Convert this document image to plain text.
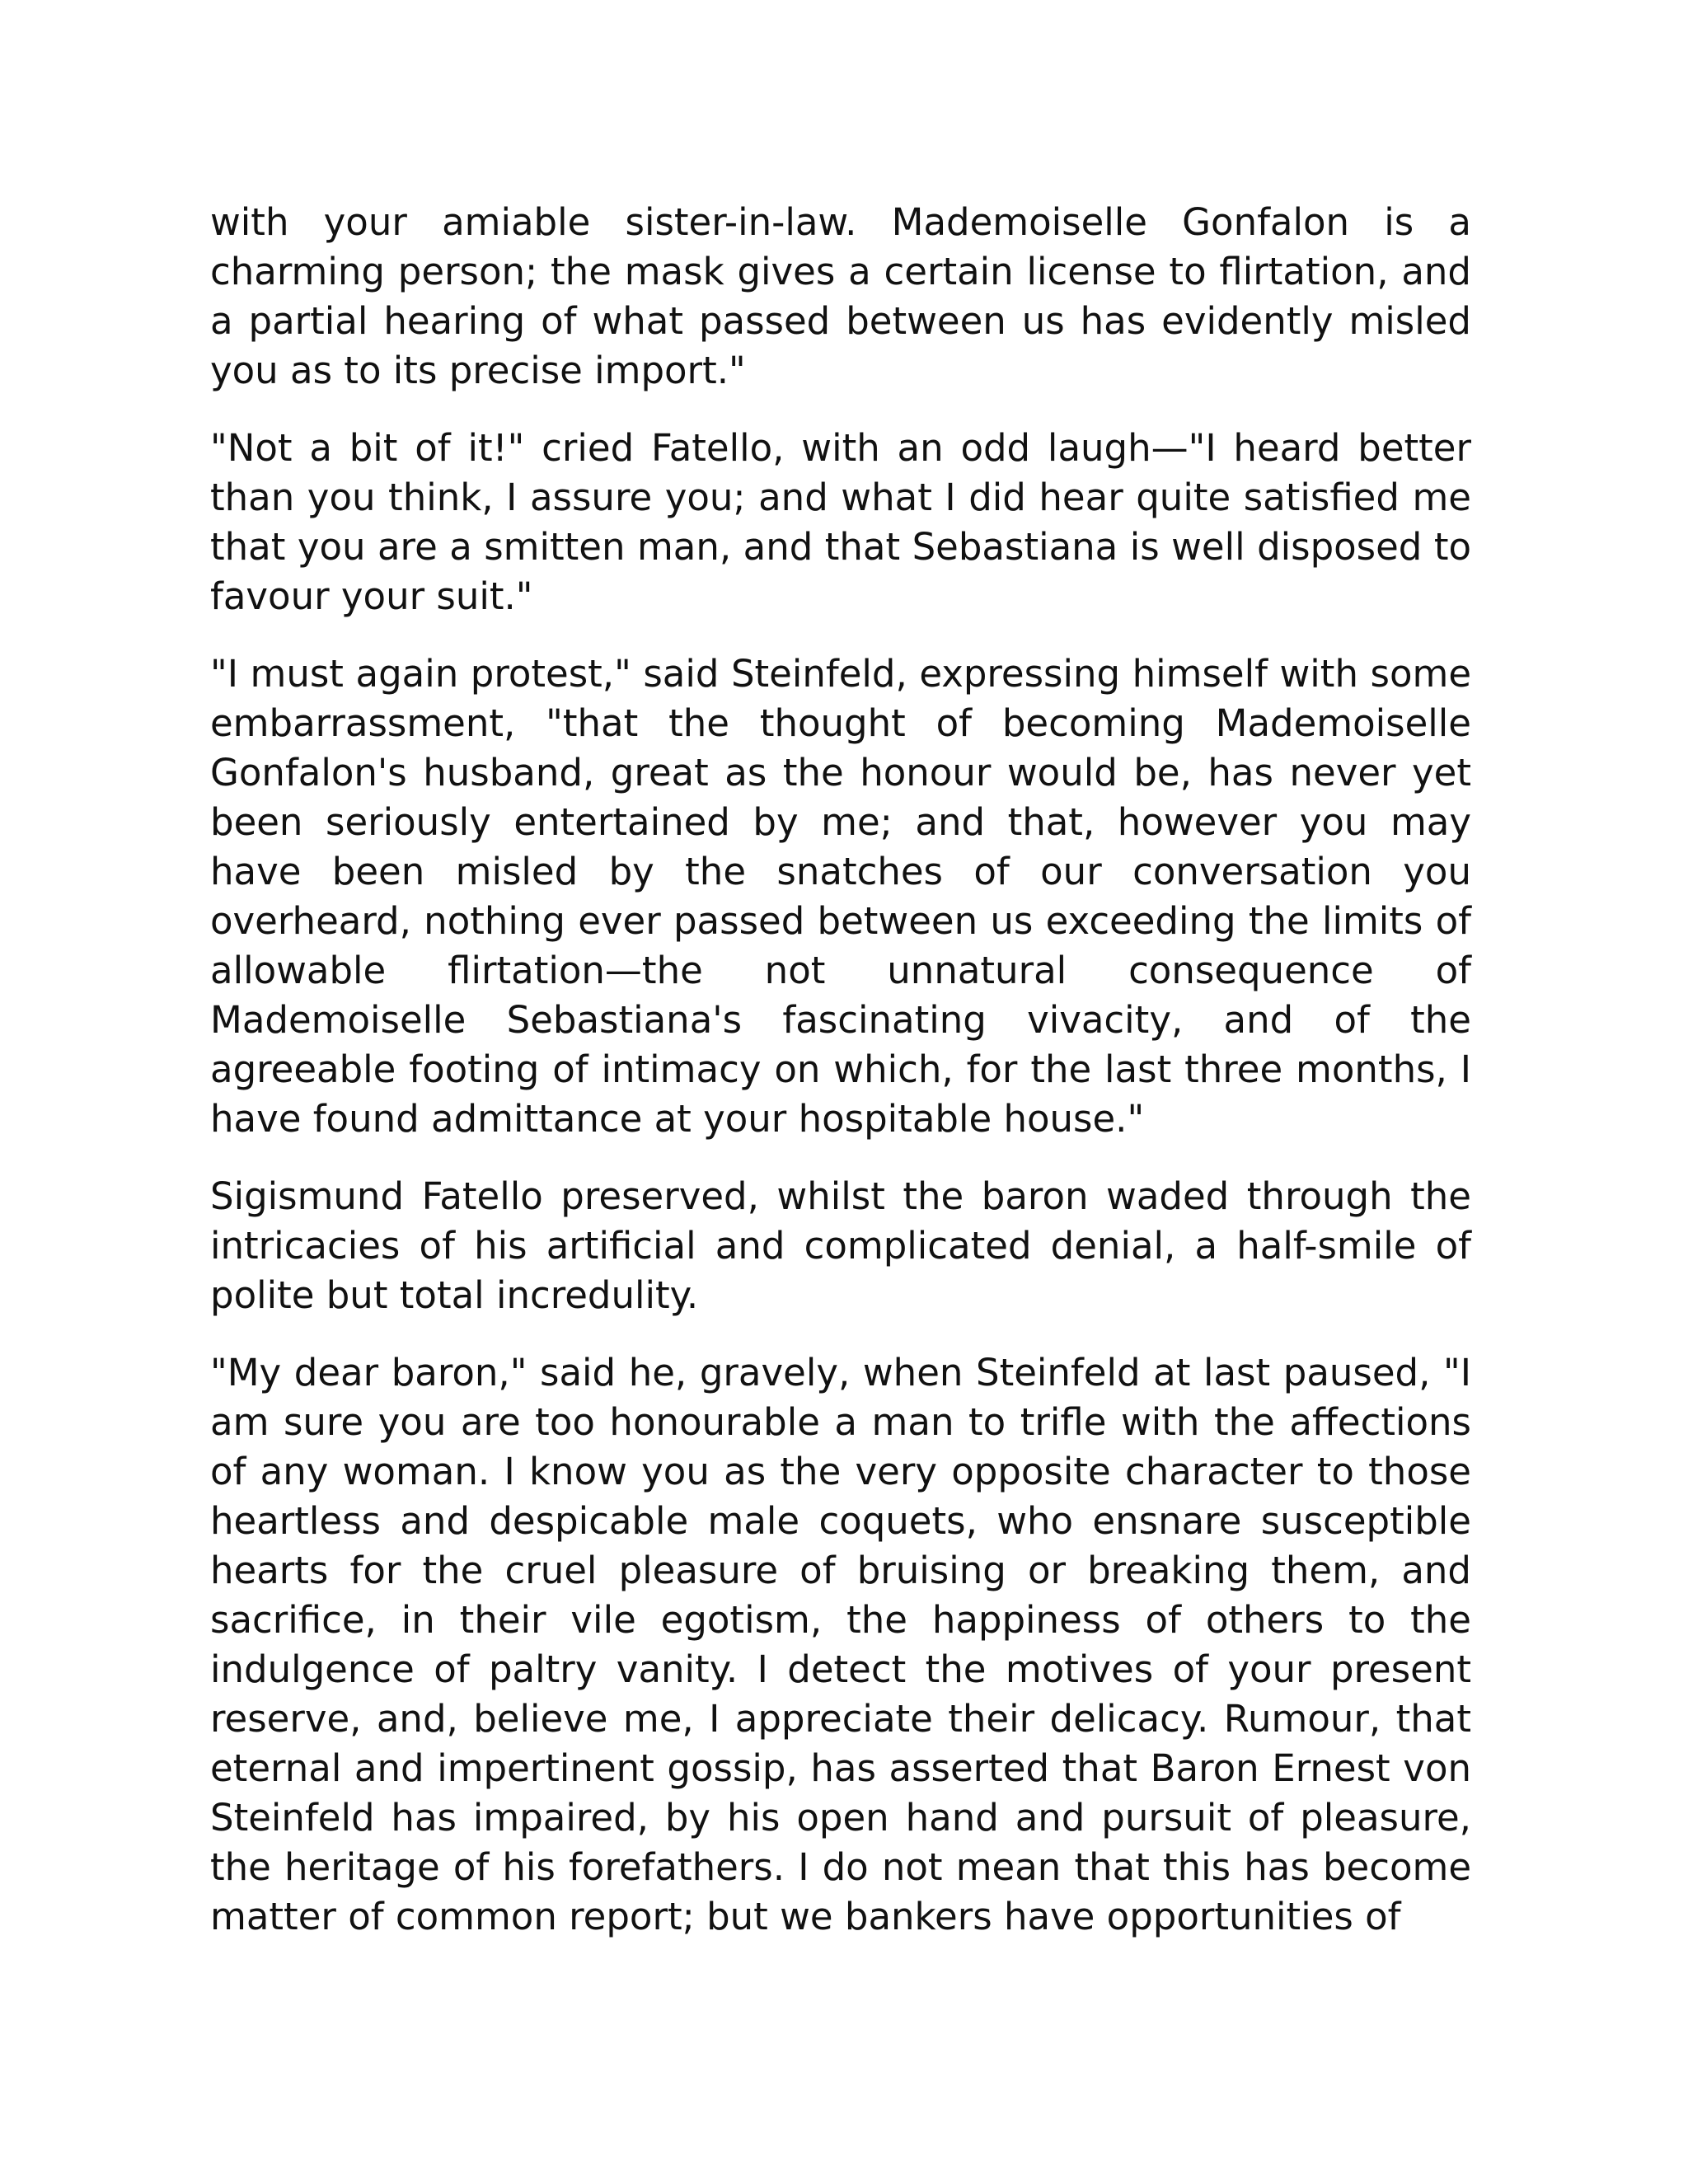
with your amiable sister-in-law. Mademoiselle Gonfalon is a charming person; the mask gives a certain license to flirtation, and a partial hearing of what passed between us has evidently misled you as to its precise import."

"Not a bit of it!" cried Fatello, with an odd laugh—"I heard better than you think, I assure you; and what I did hear quite satisfied me that you are a smitten man, and that Sebastiana is well disposed to favour your suit."

"I must again protest," said Steinfeld, expressing himself with some embarrassment, "that the thought of becoming Mademoiselle Gonfalon's husband, great as the honour would be, has never yet been seriously entertained by me; and that, however you may have been misled by the snatches of our conversation you overheard, nothing ever passed between us exceeding the limits of allowable flirtation—the not unnatural consequence of Mademoiselle Sebastiana's fascinating vivacity, and of the agreeable footing of intimacy on which, for the last three months, I have found admittance at your hospitable house."

Sigismund Fatello preserved, whilst the baron waded through the intricacies of his artificial and complicated denial, a half-smile of polite but total incredulity.

"My dear baron," said he, gravely, when Steinfeld at last paused, "I am sure you are too honourable a man to trifle with the affections of any woman. I know you as the very opposite character to those heartless and despicable male coquets, who ensnare susceptible hearts for the cruel pleasure of bruising or breaking them, and sacrifice, in their vile egotism, the happiness of others to the indulgence of paltry vanity. I detect the motives of your present reserve, and, believe me, I appreciate their delicacy. Rumour, that eternal and impertinent gossip, has asserted that Baron Ernest von Steinfeld has impaired, by his open hand and pursuit of pleasure, the heritage of his forefathers. I do not mean that this has become matter of common report; but we bankers have opportunities of
